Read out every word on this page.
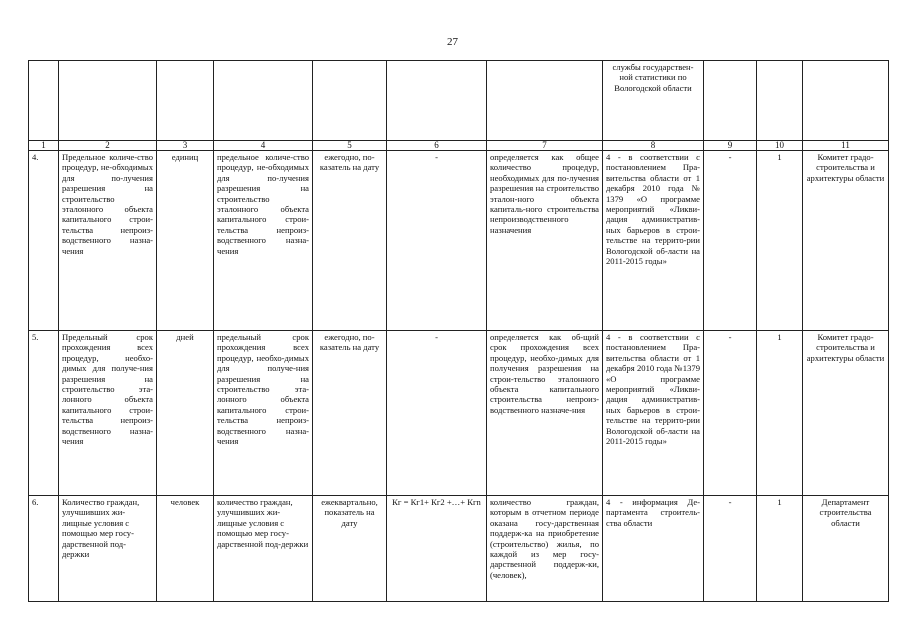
27
							службы государствен-ной статистики по Вологодской области			
1	2	3	4	5	6	7	8	9	10	11
4.	Предельное количе-ство процедур, не-обходимых для по-лучения разрешения на строительство эталонного объекта капитального строи-тельства непроиз-водственного назна-чения	единиц	предельное количе-ство процедур, не-обходимых для по-лучения разрешения на строительство эталонного объекта капитального строи-тельства непроиз-водственного назна-чения	ежегодно, по-казатель на дату	-	определяется как общее количество процедур, необходимых для по-лучения разрешения на строительство эталон-ного объекта капиталь-ного строительства непроизводственного назначения	4 - в соответствии с постановлением Пра-вительства области от 1 декабря 2010 года № 1379 «О программе мероприятий «Ликви-дация административ-ных барьеров в строи-тельстве на террито-рии Вологодской об-ласти на 2011-2015 годы»	-	1	Комитет градо-строительства и архитектуры области
5.	Предельный срок прохождения всех процедур, необхо-димых для получе-ния разрешения на строительство эта-лонного объекта капитального строи-тельства непроиз-водственного назна-чения	дней	предельный срок прохождения всех процедур, необхо-димых для получе-ния разрешения на строительство эта-лонного объекта капитального строи-тельства непроиз-водственного назна-чения	ежегодно, по-казатель на дату	-	определяется как об-щий срок прохождения всех процедур, необхо-димых для получения разрешения на строи-тельство эталонного объекта капитального строительства непроиз-водственного назначе-ния	4 - в соответствии с постановлением Пра-вительства области от 1 декабря 2010 года №1379 «О программе мероприятий «Ликви-дация административ-ных барьеров в строи-тельстве на террито-рии Вологодской об-ласти на 2011-2015 годы»	-	1	Комитет градо-строительства и архитектуры области
6.	Количество граждан, улучшивших жи-лищные условия с помощью мер госу-дарственной под-держки	человек	количество граждан, улучшивших жи-лищные условия с помощью мер госу-дарственной под-держки	ежеквартально, показатель на дату	Кг = Кг1+ Кг2 +…+ Кгn	количество граждан, которым в отчетном периоде оказана госу-дарственная поддерж-ка на приобретение (строительство) жилья, по каждой из мер госу-дарственной поддерж-ки, (человек),	4 - информация Де-партамента строитель-ства области	-	1	Департамент строительства области
